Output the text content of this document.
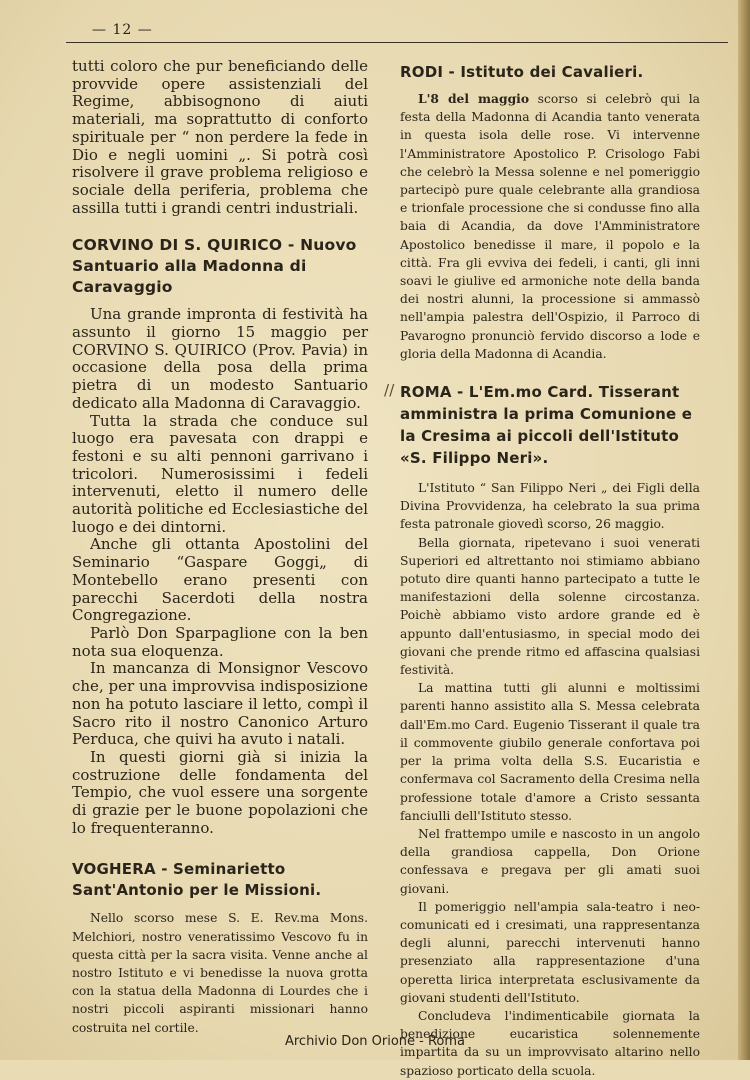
— 12 —

tutti coloro che pur beneficiando delle provvide opere assistenziali del Regime, abbisognono di aiuti materiali, ma soprattutto di conforto spirituale per “ non perdere la fede in Dio e negli uomini „. Si potrà così risolvere il grave problema religioso e sociale della periferia, problema che assilla tutti i grandi centri industriali.

CORVINO DI S. QUIRICO - Nuovo Santuario alla Madonna di Caravaggio

Una grande impronta di festività ha assunto il giorno 15 maggio per CORVINO S. QUIRICO (Prov. Pavia) in occasione della posa della prima pietra di un modesto Santuario dedicato alla Madonna di Caravaggio.

Tutta la strada che conduce sul luogo era pavesata con drappi e festoni e su alti pennoni garrivano i tricolori. Numerosissimi i fedeli intervenuti, eletto il numero delle autorità politiche ed Ecclesiastiche del luogo e dei dintorni.

Anche gli ottanta Apostolini del Seminario “Gaspare Goggi„ di Montebello erano presenti con parecchi Sacerdoti della nostra Congregazione.

Parlò Don Sparpaglione con la ben nota sua eloquenza.

In mancanza di Monsignor Vescovo che, per una improvvisa indisposizione non ha potuto lasciare il letto, compì il Sacro rito il nostro Canonico Arturo Perduca, che quivi ha avuto i natali.

In questi giorni già si inizia la costruzione delle fondamenta del Tempio, che vuol essere una sorgente di grazie per le buone popolazioni che lo frequenteranno.

VOGHERA - Seminarietto Sant'Antonio per le Missioni.

Nello scorso mese S. E. Rev.ma Mons. Melchiori, nostro veneratissimo Vescovo fu in questa città per la sacra visita. Venne anche al nostro Istituto e vi benedisse la nuova grotta con la statua della Madonna di Lourdes che i nostri piccoli aspiranti missionari hanno costruita nel cortile.

RODI - Istituto dei Cavalieri.

L'8 del maggio scorso si celebrò qui la festa della Madonna di Acandia tanto venerata in questa isola delle rose. Vi intervenne l'Amministratore Apostolico P. Crisologo Fabi che celebrò la Messa solenne e nel pomeriggio partecipò pure quale celebrante alla grandiosa e trionfale processione che si condusse fino alla baia di Acandia, da dove l'Amministratore Apostolico benedisse il mare, il popolo e la città. Fra gli evviva dei fedeli, i canti, gli inni soavi le giulive ed armoniche note della banda dei nostri alunni, la processione si ammassò nell'ampia palestra dell'Ospizio, il Parroco di Pavarogno pronunciò fervido discorso a lode e gloria della Madonna di Acandia.

// ROMA - L'Em.mo Card. Tisserant amministra la prima Comunione e la Cresima ai piccoli dell'Istituto «S. Filippo Neri».

L'Istituto “ San Filippo Neri „ dei Figli della Divina Provvidenza, ha celebrato la sua prima festa patronale giovedì scorso, 26 maggio.

Bella giornata, ripetevano i suoi venerati Superiori ed altrettanto noi stimiamo abbiano potuto dire quanti hanno partecipato a tutte le manifestazioni della solenne circostanza. Poichè abbiamo visto ardore grande ed è appunto dall'entusiasmo, in special modo dei giovani che prende ritmo ed affascina qualsiasi festività.

La mattina tutti gli alunni e moltissimi parenti hanno assistito alla S. Messa celebrata dall'Em.mo Card. Eugenio Tisserant il quale tra il commovente giubilo generale confortava poi per la prima volta della S.S. Eucaristia e confermava col Sacramento della Cresima nella professione totale d'amore a Cristo sessanta fanciulli dell'Istituto stesso.

Nel frattempo umile e nascosto in un angolo della grandiosa cappella, Don Orione confessava e pregava per gli amati suoi giovani.

Il pomeriggio nell'ampia sala-teatro i neo-comunicati ed i cresimati, una rappresentanza degli alunni, parecchi intervenuti hanno presenziato alla rappresentazione d'una operetta lirica interpretata esclusivamente da giovani studenti dell'Istituto.

Concludeva l'indimenticabile giornata la benedizione eucaristica solennemente impartita da su un improvvisato altarino nello spazioso porticato della scuola.

Archivio Don Orione - Roma
